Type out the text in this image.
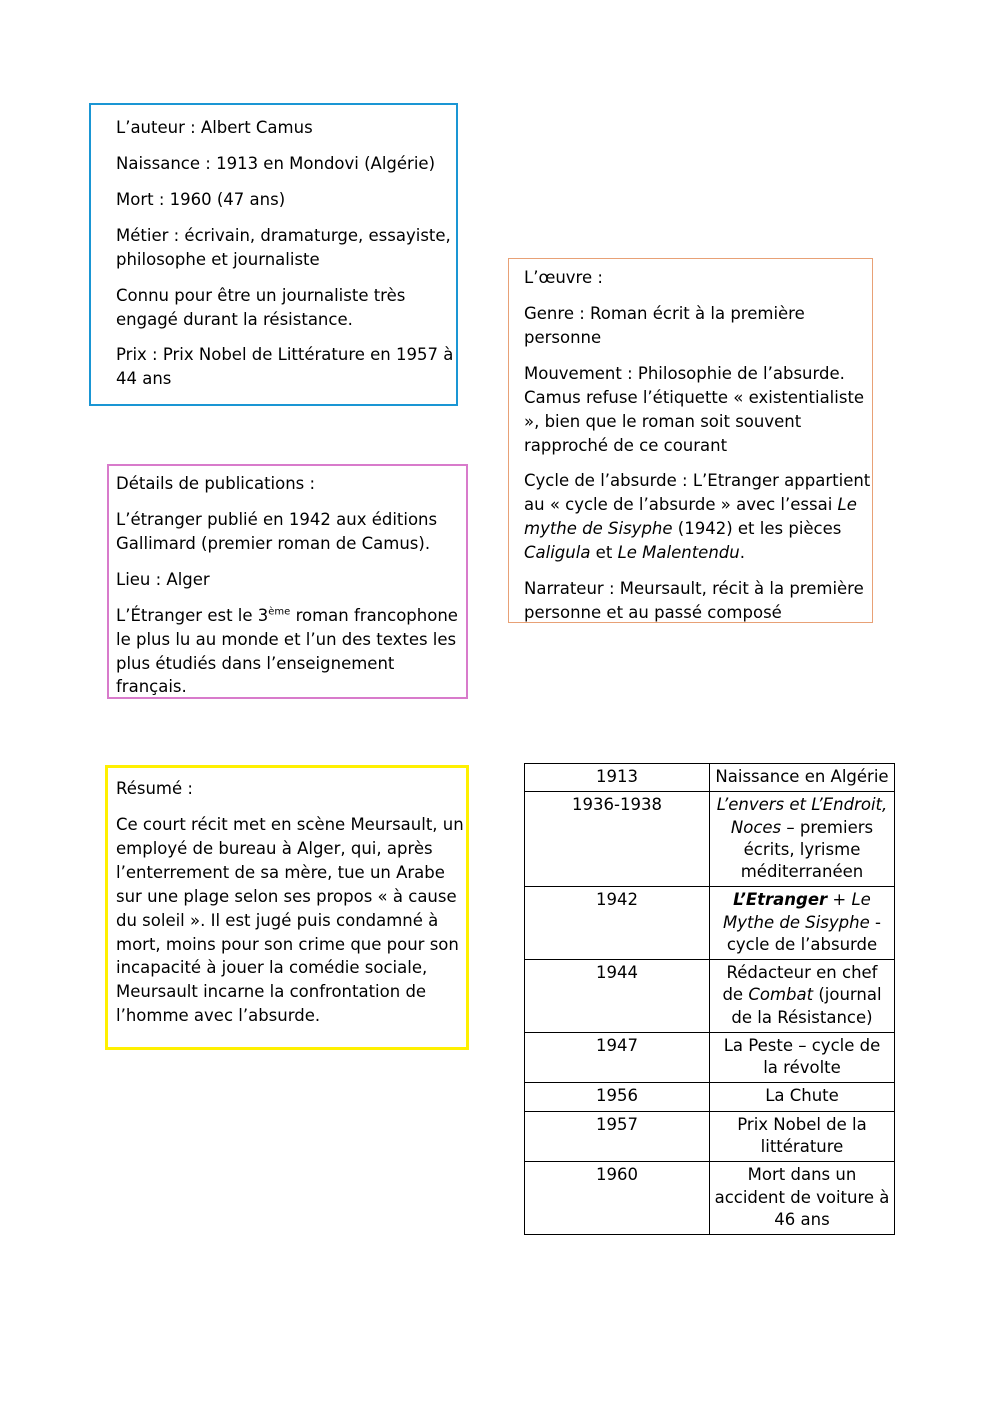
L’auteur : Albert Camus

Naissance : 1913 en Mondovi (Algérie)

Mort : 1960 (47 ans)

Métier : écrivain, dramaturge, essayiste, philosophe et journaliste

Connu pour être un journaliste très engagé durant la résistance.

Prix : Prix Nobel de Littérature en 1957 à 44 ans

L’œuvre :

Genre : Roman écrit à la première personne

Mouvement : Philosophie de l’absurde. Camus refuse l’étiquette « existentialiste », bien que le roman soit souvent rapproché de ce courant

Cycle de l’absurde : L’Etranger appartient au « cycle de l’absurde » avec l’essai Le mythe de Sisyphe (1942) et les pièces Caligula et Le Malentendu.

Narrateur : Meursault, récit à la première personne et au passé composé

Détails de publications :

L’étranger publié en 1942 aux éditions Gallimard (premier roman de Camus).

Lieu : Alger

L’Étranger est le 3ème roman francophone le plus lu au monde et l’un des textes les plus étudiés dans l’enseignement français.

Résumé :

Ce court récit met en scène Meursault, un employé de bureau à Alger, qui, après l’enterrement de sa mère, tue un Arabe sur une plage selon ses propos « à cause du soleil ». Il est jugé puis condamné à mort, moins pour son crime que pour son incapacité à jouer la comédie sociale, Meursault incarne la confrontation de l’homme avec l’absurde.

1913	Naissance en Algérie
1936-1938	L’envers et L’Endroit, Noces – premiers écrits, lyrisme méditerranéen
1942	L’Etranger + Le Mythe de Sisyphe - cycle de l’absurde
1944	Rédacteur en chef de Combat (journal de la Résistance)
1947	La Peste – cycle de la révolte
1956	La Chute
1957	Prix Nobel de la littérature
1960	Mort dans un accident de voiture à 46 ans
